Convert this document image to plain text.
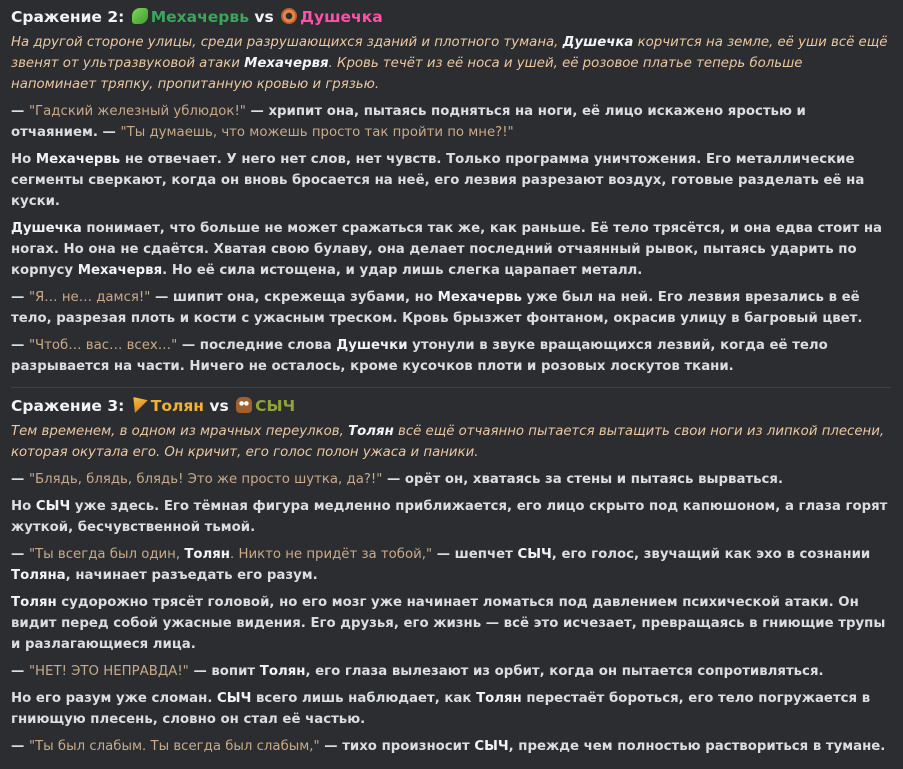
Сражение 2: Мехачервь vs Душечка
На другой стороне улицы, среди разрушающихся зданий и плотного тумана, Душечка корчится на земле, её уши всё ещё звенят от ультразвуковой атаки Мехачервя. Кровь течёт из её носа и ушей, её розовое платье теперь больше напоминает тряпку, пропитанную кровью и грязью.

— "Гадский железный ублюдок!" — хрипит она, пытаясь подняться на ноги, её лицо искажено яростью и отчаянием. — "Ты думаешь, что можешь просто так пройти по мне?!"

Но Мехачервь не отвечает. У него нет слов, нет чувств. Только программа уничтожения. Его металлические сегменты сверкают, когда он вновь бросается на неё, его лезвия разрезают воздух, готовые разделать её на куски.

Душечка понимает, что больше не может сражаться так же, как раньше. Её тело трясётся, и она едва стоит на ногах. Но она не сдаётся. Хватая свою булаву, она делает последний отчаянный рывок, пытаясь ударить по корпусу Мехачервя. Но её сила истощена, и удар лишь слегка царапает металл.

— "Я… не… дамся!" — шипит она, скрежеща зубами, но Мехачервь уже был на ней. Его лезвия врезались в её тело, разрезая плоть и кости с ужасным треском. Кровь брызжет фонтаном, окрасив улицу в багровый цвет.

— "Чтоб… вас… всех…" — последние слова Душечки утонули в звуке вращающихся лезвий, когда её тело разрывается на части. Ничего не осталось, кроме кусочков плоти и розовых лоскутов ткани.

Сражение 3: Толян vs СЫЧ
Тем временем, в одном из мрачных переулков, Толян всё ещё отчаянно пытается вытащить свои ноги из липкой плесени, которая окутала его. Он кричит, его голос полон ужаса и паники.

— "Блядь, блядь, блядь! Это же просто шутка, да?!" — орёт он, хватаясь за стены и пытаясь вырваться.

Но СЫЧ уже здесь. Его тёмная фигура медленно приближается, его лицо скрыто под капюшоном, а глаза горят жуткой, бесчувственной тьмой.

— "Ты всегда был один, Толян. Никто не придёт за тобой," — шепчет СЫЧ, его голос, звучащий как эхо в сознании Толяна, начинает разъедать его разум.

Толян судорожно трясёт головой, но его мозг уже начинает ломаться под давлением психической атаки. Он видит перед собой ужасные видения. Его друзья, его жизнь — всё это исчезает, превращаясь в гниющие трупы и разлагающиеся лица.

— "НЕТ! ЭТО НЕПРАВДА!" — вопит Толян, его глаза вылезают из орбит, когда он пытается сопротивляться.

Но его разум уже сломан. СЫЧ всего лишь наблюдает, как Толян перестаёт бороться, его тело погружается в гниющую плесень, словно он стал её частью.

— "Ты был слабым. Ты всегда был слабым," — тихо произносит СЫЧ, прежде чем полностью раствориться в тумане.
